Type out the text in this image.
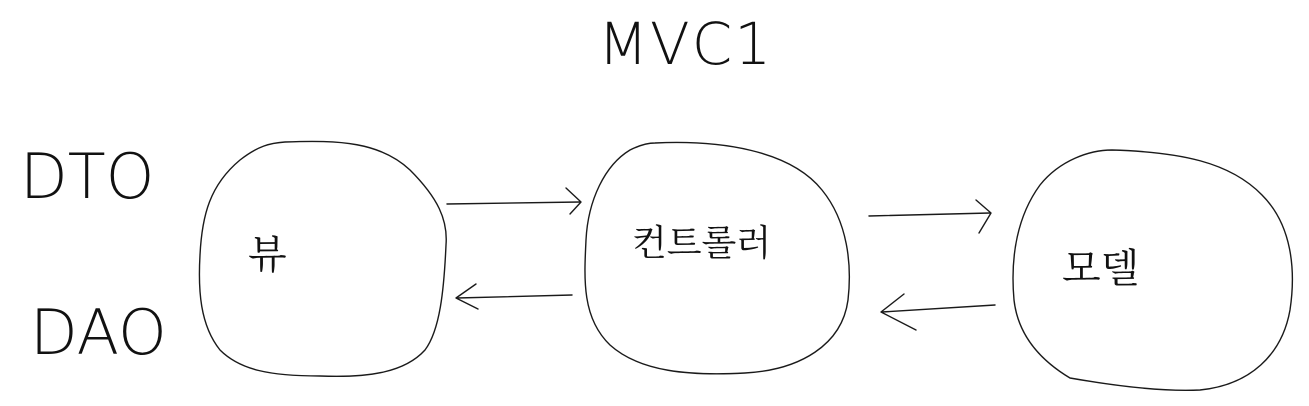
MVC1
DTO
DAO
뷰	컨트롤러
모델
